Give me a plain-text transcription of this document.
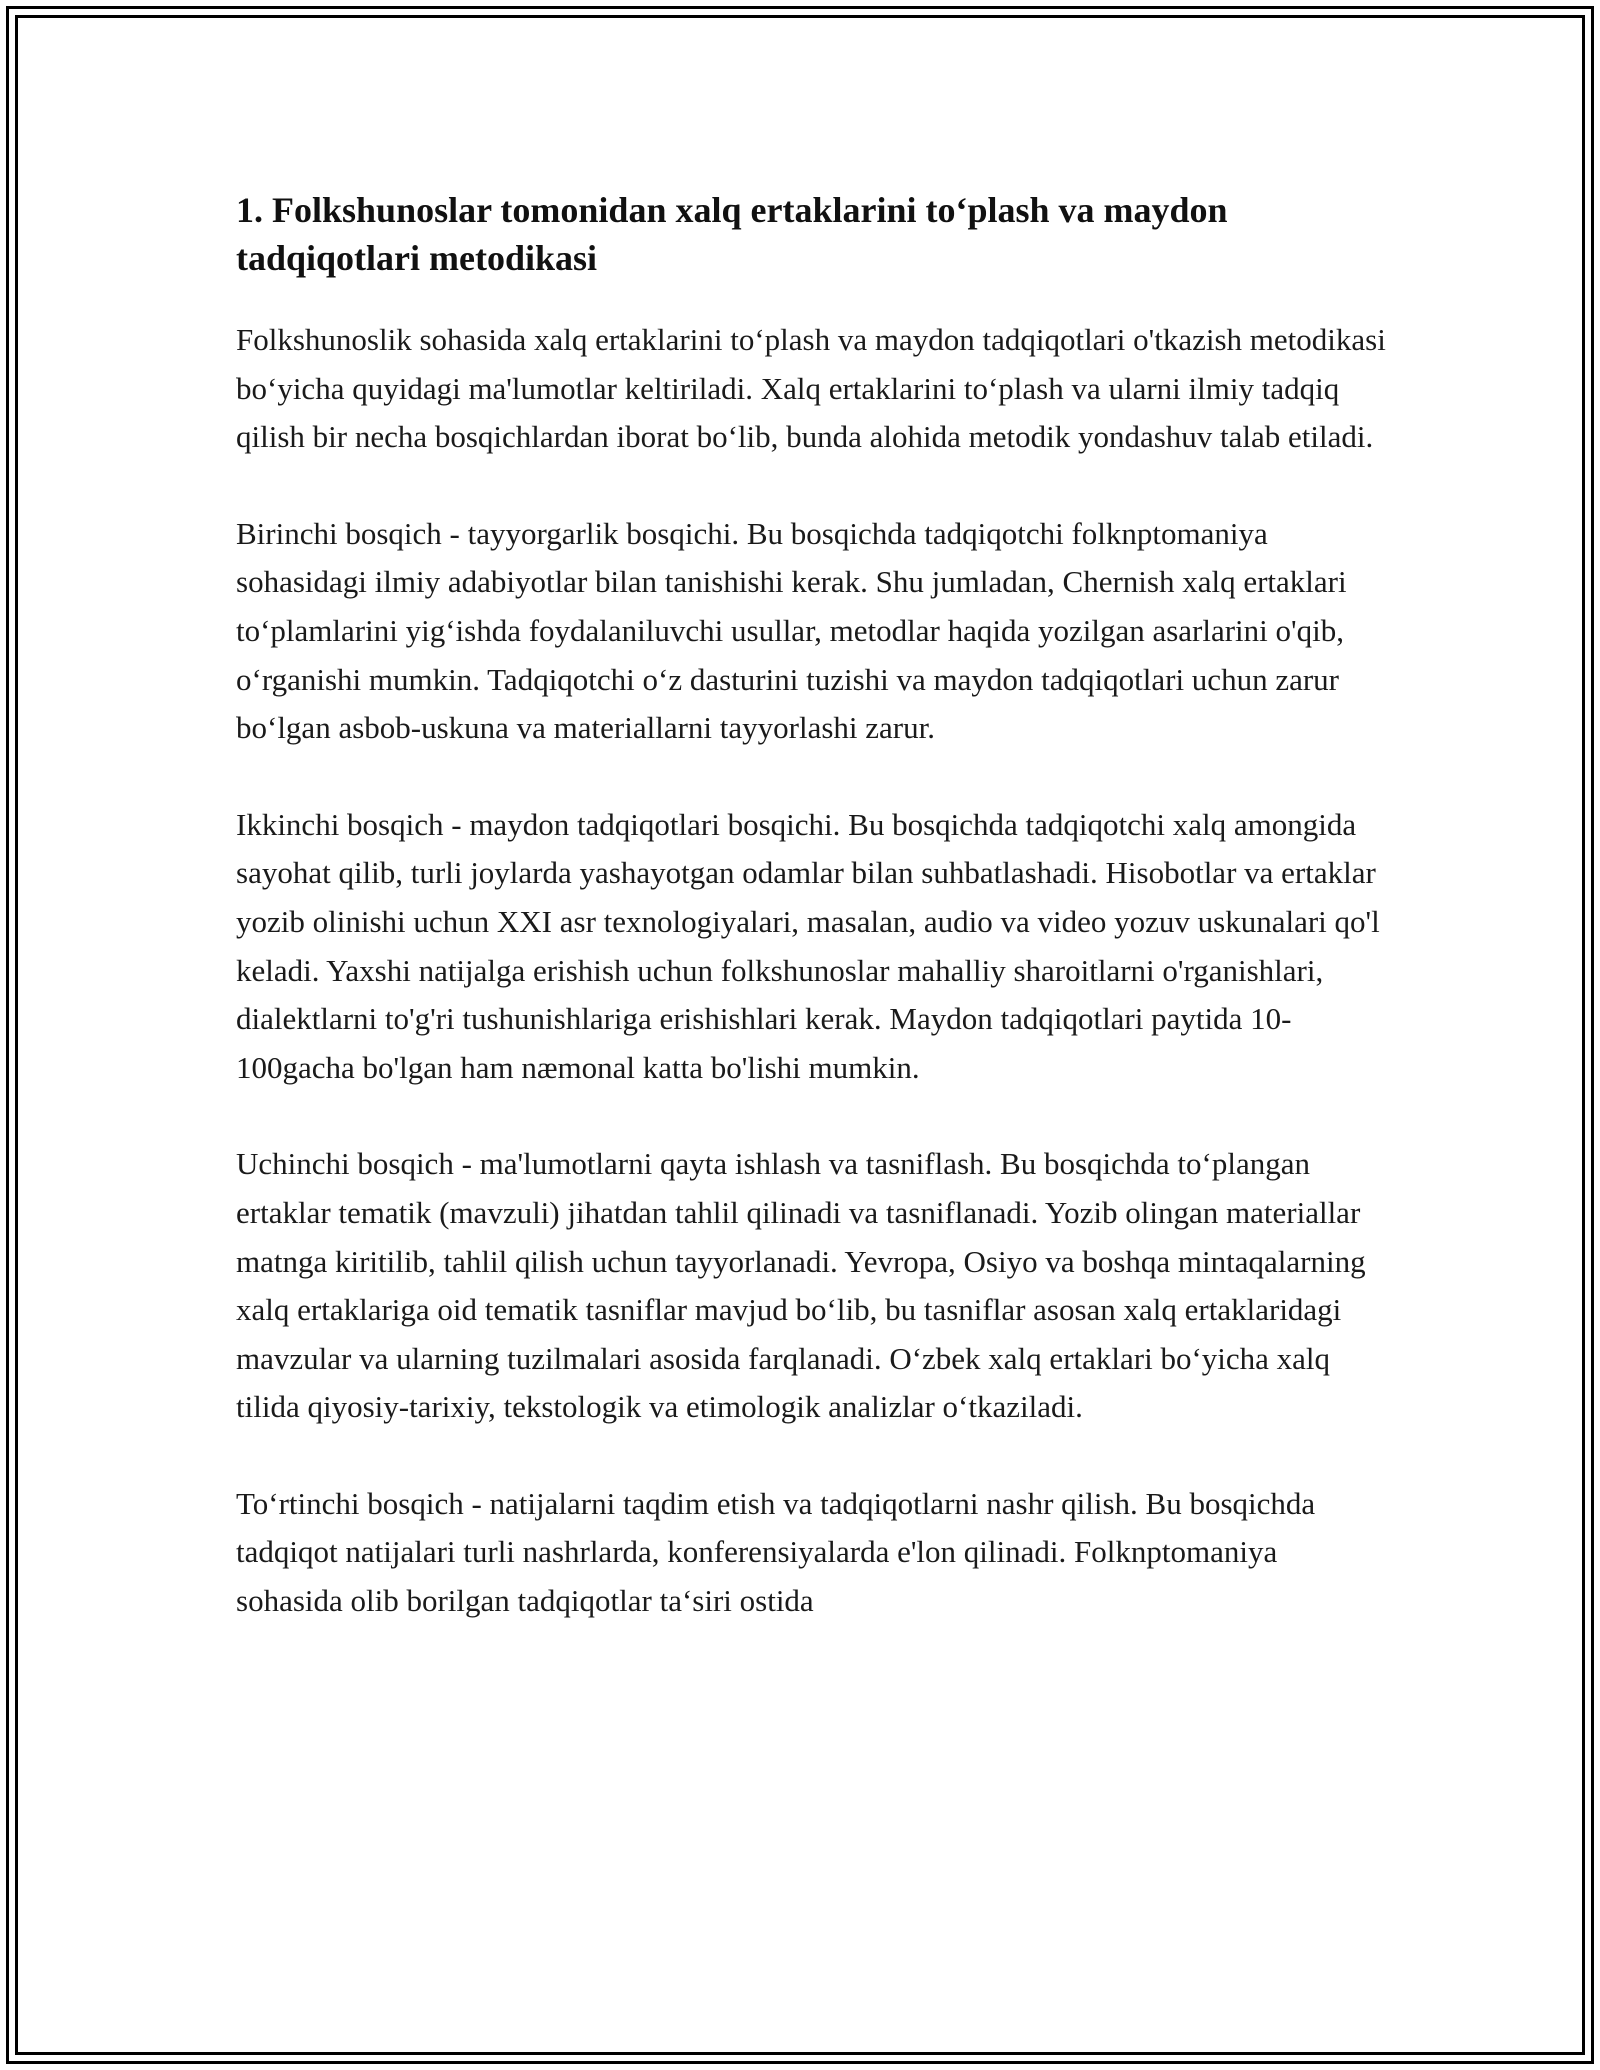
1. Folkshunoslar tomonidan xalq ertaklarini to‘plash va maydon tadqiqotlari metodikasi

Folkshunoslik sohasida xalq ertaklarini to‘plash va maydon tadqiqotlari o'tkazish metodikasi bo‘yicha quyidagi ma'lumotlar keltiriladi. Xalq ertaklarini to‘plash va ularni ilmiy tadqiq qilish bir necha bosqichlardan iborat bo‘lib, bunda alohida metodik yondashuv talab etiladi.

Birinchi bosqich - tayyorgarlik bosqichi. Bu bosqichda tadqiqotchi folknptomaniya sohasidagi ilmiy adabiyotlar bilan tanishishi kerak. Shu jumladan, Chernish xalq ertaklari to‘plamlarini yig‘ishda foydalaniluvchi usullar, metodlar haqida yozilgan asarlarini o'qib, o‘rganishi mumkin. Tadqiqotchi o‘z dasturini tuzishi va maydon tadqiqotlari uchun zarur bo‘lgan asbob-uskuna va materiallarni tayyorlashi zarur.

Ikkinchi bosqich - maydon tadqiqotlari bosqichi. Bu bosqichda tadqiqotchi xalq amongida sayohat qilib, turli joylarda yashayotgan odamlar bilan suhbatlashadi. Hisobotlar va ertaklar yozib olinishi uchun XXI asr texnologiyalari, masalan, audio va video yozuv uskunalari qo'l keladi. Yaxshi natijalga erishish uchun folkshunoslar mahalliy sharoitlarni o'rganishlari, dialektlarni to'g'ri tushunishlariga erishishlari kerak. Maydon tadqiqotlari paytida 10-100gacha bo'lgan ham næmonal katta bo'lishi mumkin.

Uchinchi bosqich - ma'lumotlarni qayta ishlash va tasniflash. Bu bosqichda to‘plangan ertaklar tematik (mavzuli) jihatdan tahlil qilinadi va tasniflanadi. Yozib olingan materiallar matnga kiritilib, tahlil qilish uchun tayyorlanadi. Yevropa, Osiyo va boshqa mintaqalarning xalq ertaklariga oid tematik tasniflar mavjud bo‘lib, bu tasniflar asosan xalq ertaklaridagi mavzular va ularning tuzilmalari asosida farqlanadi. O‘zbek xalq ertaklari bo‘yicha xalq tilida qiyosiy-tarixiy, tekstologik va etimologik analizlar o‘tkaziladi.

To‘rtinchi bosqich - natijalarni taqdim etish va tadqiqotlarni nashr qilish. Bu bosqichda tadqiqot natijalari turli nashrlarda, konferensiyalarda e'lon qilinadi. Folknptomaniya sohasida olib borilgan tadqiqotlar ta‘siri ostida
